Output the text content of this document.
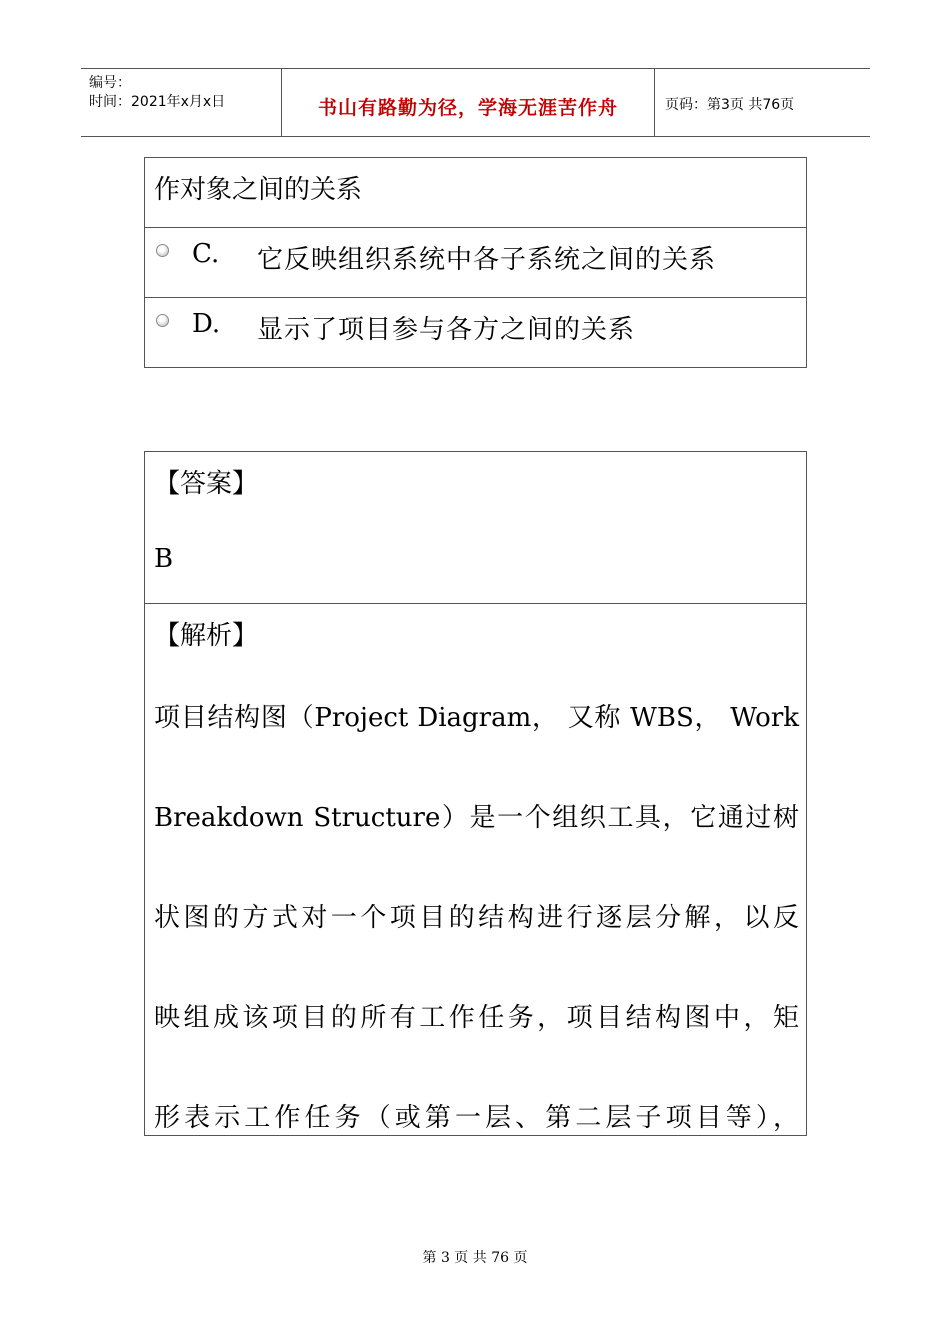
编号：
时间：2021年x月x日	书山有路勤为径，学海无涯苦作舟	页码：第3页 共76页
作对象之间的关系
C. 它反映组织系统中各子系统之间的关系
D. 显示了项目参与各方之间的关系
【答案】
B
【解析】
项目结构图（Project Diagram， 又称 WBS， Work
Breakdown Structure）是一个组织工具，它通过树
状图的方式对一个项目的结构进行逐层分解，以反
映组成该项目的所有工作任务，项目结构图中，矩
形表示工作任务（或第一层、第二层子项目等），
第 3 页 共 76 页
